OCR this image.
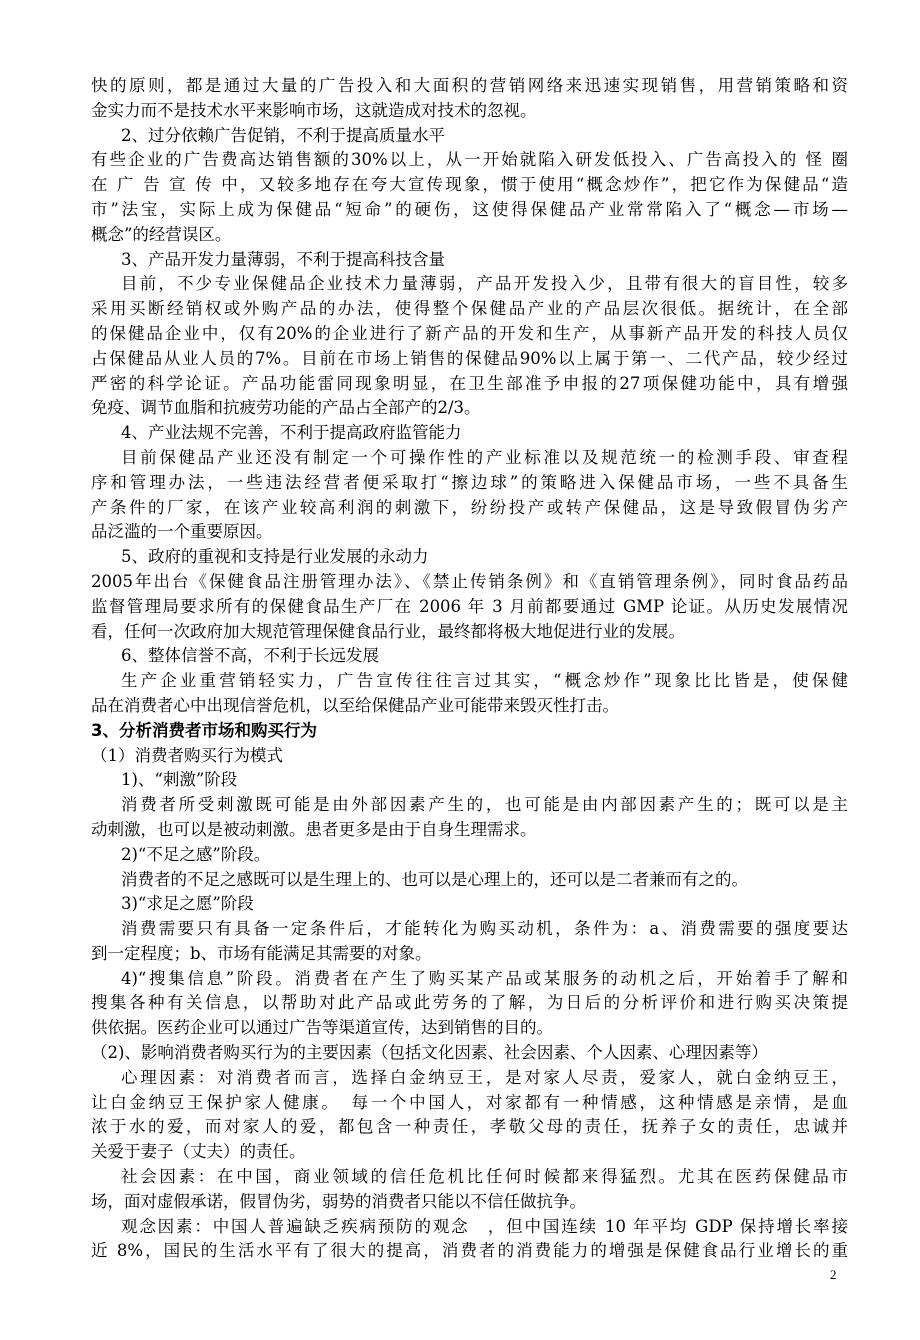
快的原则，都是通过大量的广告投入和大面积的营销网络来迅速实现销售，用营销策略和资
金实力而不是技术水平来影响市场，这就造成对技术的忽视。
2、过分依赖广告促销，不利于提高质量水平
有些企业的广告费高达销售额的30%以上，从一开始就陷入研发低投入、广告高投入的 怪 圈
在 广 告 宣 传 中，又较多地存在夸大宣传现象，惯于使用“概念炒作”，把它作为保健品“造
市”法宝，实际上成为保健品“短命”的硬伤，这使得保健品产业常常陷入了“概念—市场—
概念”的经营误区。
3、产品开发力量薄弱，不利于提高科技含量
目前，不少专业保健品企业技术力量薄弱，产品开发投入少，且带有很大的盲目性，较多
采用买断经销权或外购产品的办法，使得整个保健品产业的产品层次很低。据统计，在全部
的保健品企业中，仅有20%的企业进行了新产品的开发和生产，从事新产品开发的科技人员仅
占保健品从业人员的7%。目前在市场上销售的保健品90%以上属于第一、二代产品，较少经过
严密的科学论证。产品功能雷同现象明显，在卫生部准予申报的27项保健功能中，具有增强
免疫、调节血脂和抗疲劳功能的产品占全部产的2/3。
4、产业法规不完善，不利于提高政府监管能力
目前保健品产业还没有制定一个可操作性的产业标准以及规范统一的检测手段、审查程
序和管理办法，一些违法经营者便采取打“擦边球”的策略进入保健品市场，一些不具备生
产条件的厂家，在该产业较高利润的刺激下，纷纷投产或转产保健品，这是导致假冒伪劣产
品泛滥的一个重要原因。
5、政府的重视和支持是行业发展的永动力
2005年出台《保健食品注册管理办法》、《禁止传销条例》和《直销管理条例》，同时食品药品
监督管理局要求所有的保健食品生产厂在 2006 年 3 月前都要通过 GMP 论证。从历史发展情况
看，任何一次政府加大规范管理保健食品行业，最终都将极大地促进行业的发展。
6、整体信誉不高，不利于长远发展
生产企业重营销轻实力，广告宣传往往言过其实，“概念炒作”现象比比皆是，使保健
品在消费者心中出现信誉危机，以至给保健品产业可能带来毁灭性打击。
3、分析消费者市场和购买行为
（1）消费者购买行为模式
1)、“刺激”阶段
消费者所受刺激既可能是由外部因素产生的，也可能是由内部因素产生的；既可以是主
动刺激，也可以是被动刺激。患者更多是由于自身生理需求。
2)“不足之感”阶段。
消费者的不足之感既可以是生理上的、也可以是心理上的，还可以是二者兼而有之的。
3)“求足之愿”阶段
消费需要只有具备一定条件后，才能转化为购买动机，条件为：a、消费需要的强度要达
到一定程度；b、市场有能满足其需要的对象。
4)“搜集信息”阶段。消费者在产生了购买某产品或某服务的动机之后，开始着手了解和
搜集各种有关信息，以帮助对此产品或此劳务的了解，为日后的分析评价和进行购买决策提
供依据。医药企业可以通过广告等渠道宣传，达到销售的目的。
（2)、影响消费者购买行为的主要因素（包括文化因素、社会因素、个人因素、心理因素等）
心理因素：对消费者而言，选择白金纳豆王，是对家人尽责，爱家人，就白金纳豆王，
让白金纳豆王保护家人健康。　每一个中国人，对家都有一种情感，这种情感是亲情，是血
浓于水的爱，而对家人的爱，都包含一种责任，孝敬父母的责任，抚养子女的责任，忠诚并
关爱于妻子（丈夫）的责任。
社会因素：在中国，商业领域的信任危机比任何时候都来得猛烈。尤其在医药保健品市
场，面对虚假承诺，假冒伪劣，弱势的消费者只能以不信任做抗争。
观念因素：中国人普遍缺乏疾病预防的观念　，但中国连续 10 年平均 GDP 保持增长率接
近 8%，国民的生活水平有了很大的提高，消费者的消费能力的增强是保健食品行业增长的重
2
